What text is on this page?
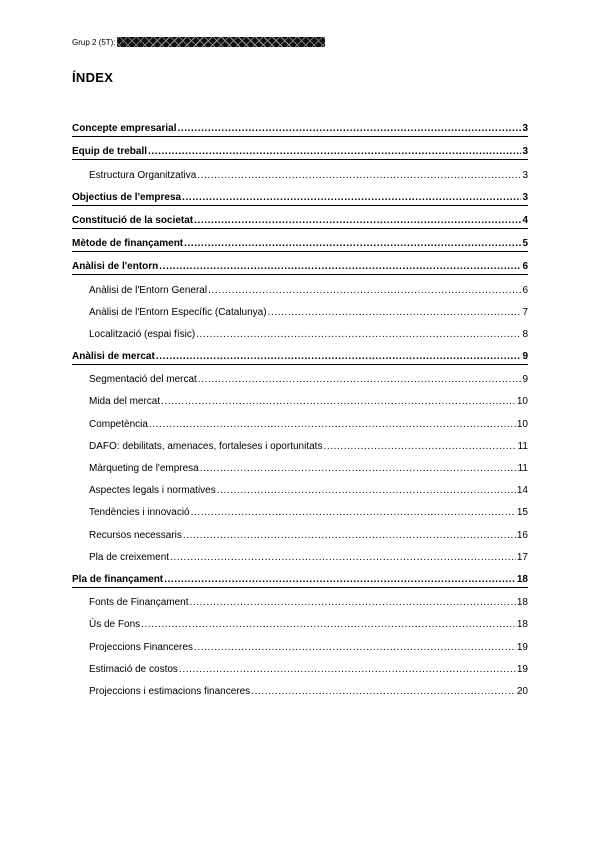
Grup 2 (5T):
ÍNDEX
Concepte empresarial .....	3
Equip de treball .....	3
Estructura Organitzativa .....	3
Objectius de l'empresa .....	3
Constitució de la societat .....	4
Mètode de finançament .....	5
Anàlisi de l'entorn .....	6
Anàlisi de l'Entorn General .....	6
Anàlisi de l'Entorn Específic (Catalunya) .....	7
Localització (espai físic) .....	8
Anàlisi de mercat .....	9
Segmentació del mercat .....	9
Mida del mercat .....	10
Competència .....	10
DAFO: debilitats, amenaces, fortaleses i oportunitats .....	11
Màrqueting de l'empresa .....	11
Aspectes legals i normatives .....	14
Tendències i innovació .....	15
Recursos necessaris .....	16
Pla de creixement .....	17
Pla de finançament .....	18
Fonts de Finançament .....	18
Ús de Fons .....	18
Projeccions Financeres .....	19
Estimació de costos .....	19
Projeccions i estimacions financeres .....	20
